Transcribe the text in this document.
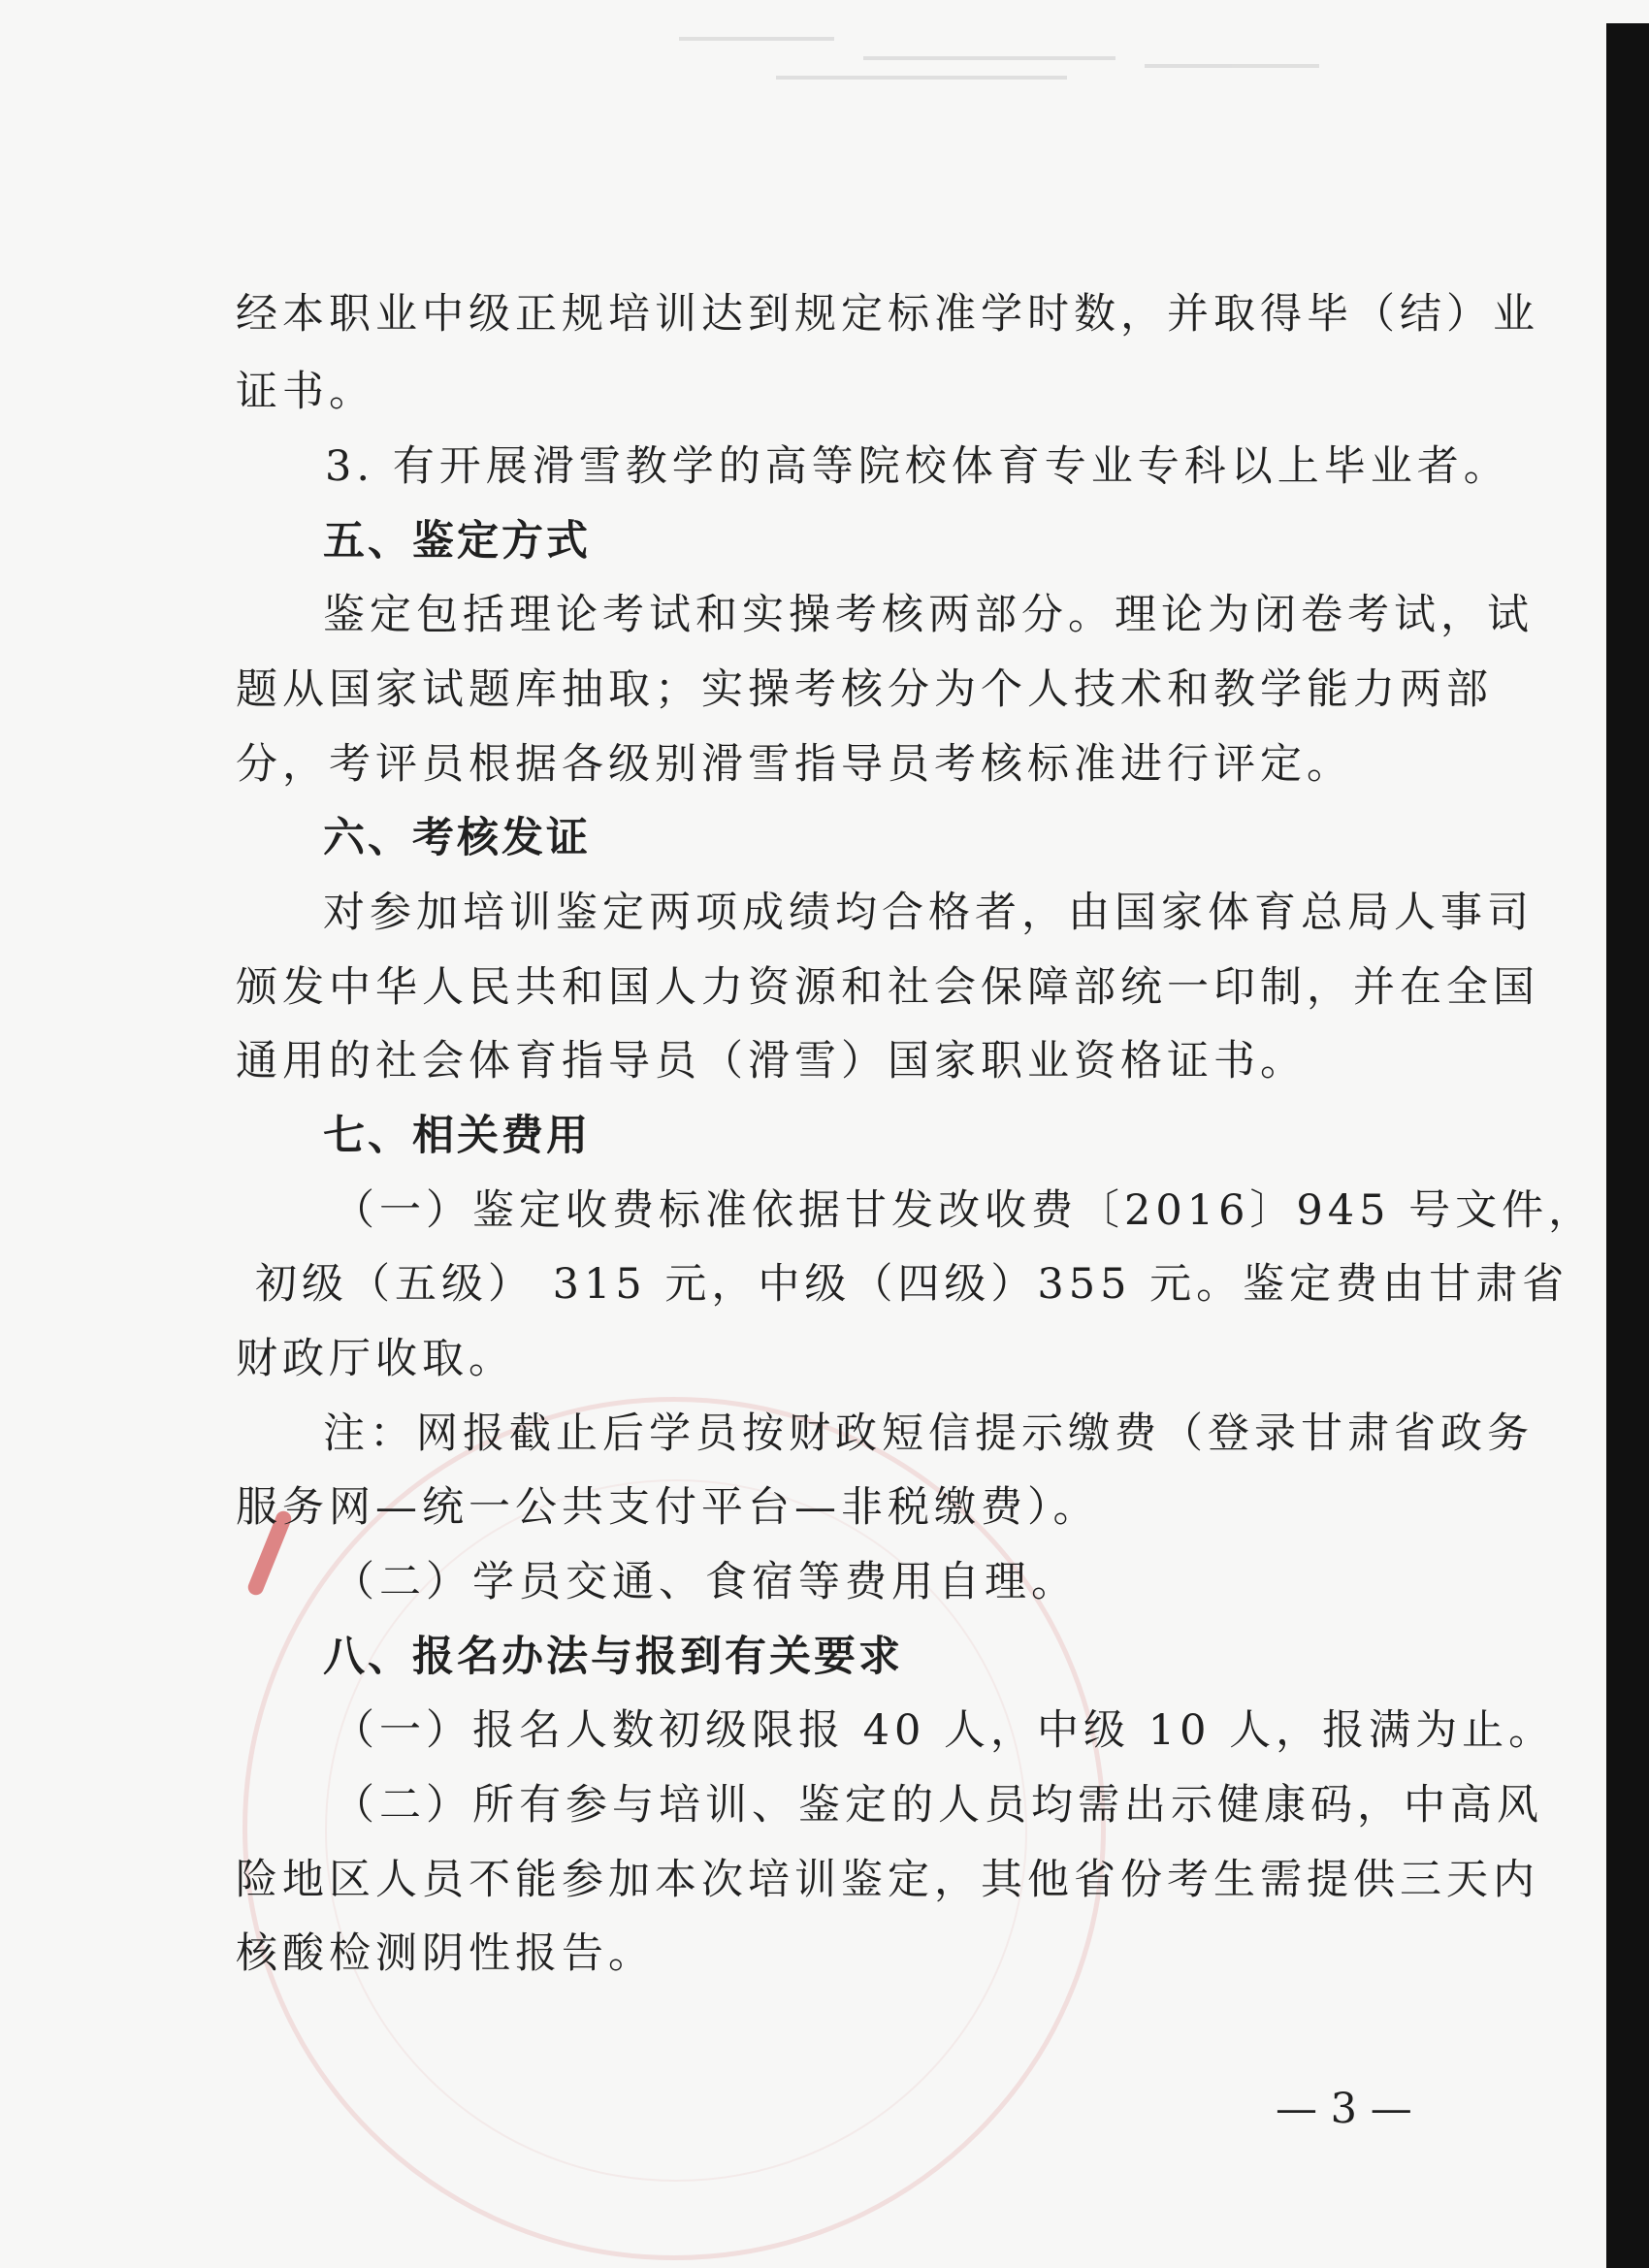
经本职业中级正规培训达到规定标准学时数，并取得毕（结）业
证书。
3. 有开展滑雪教学的高等院校体育专业专科以上毕业者。
五、鉴定方式
鉴定包括理论考试和实操考核两部分。理论为闭卷考试，试
题从国家试题库抽取；实操考核分为个人技术和教学能力两部
分，考评员根据各级别滑雪指导员考核标准进行评定。
六、考核发证
对参加培训鉴定两项成绩均合格者，由国家体育总局人事司
颁发中华人民共和国人力资源和社会保障部统一印制，并在全国
通用的社会体育指导员（滑雪）国家职业资格证书。
七、相关费用
（一）鉴定收费标准依据甘发改收费〔2016〕945 号文件，
初级（五级） 315 元，中级（四级）355 元。鉴定费由甘肃省
财政厅收取。
注：网报截止后学员按财政短信提示缴费（登录甘肃省政务
服务网—统一公共支付平台—非税缴费）。
（二）学员交通、食宿等费用自理。
八、报名办法与报到有关要求
（一）报名人数初级限报 40 人，中级 10 人，报满为止。
（二）所有参与培训、鉴定的人员均需出示健康码，中高风
险地区人员不能参加本次培训鉴定，其他省份考生需提供三天内
核酸检测阴性报告。
— 3 —
